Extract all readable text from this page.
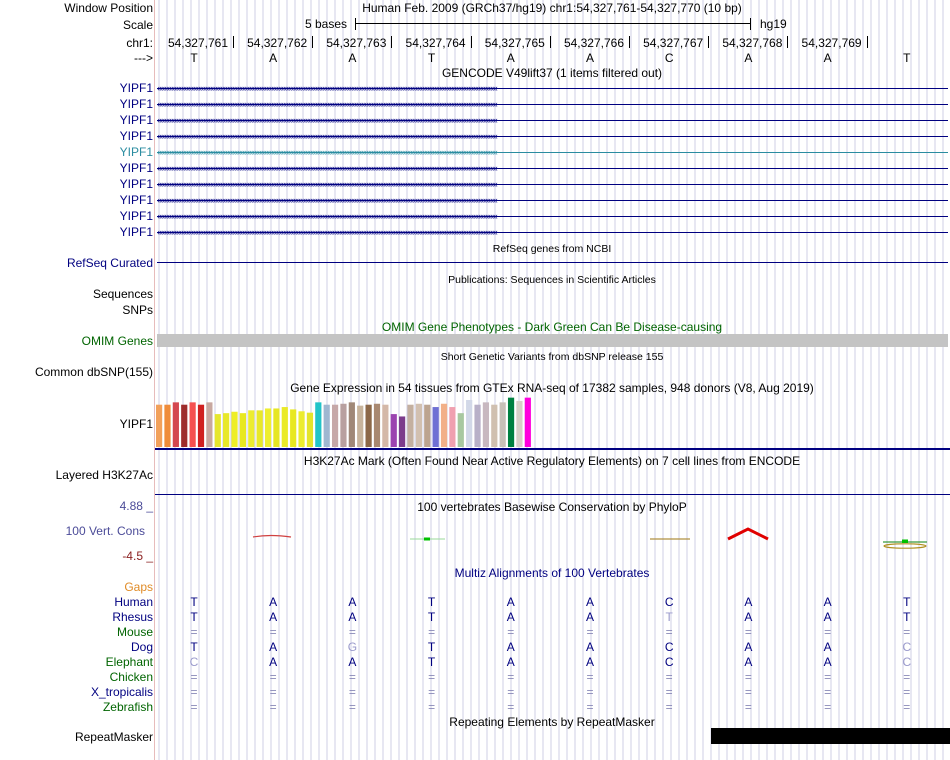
Window Position	Human Feb. 2009 (GRCh37/hg19) chr1:54,327,761-54,327,770 (10 bp)
Scale	5 bases	hg19
chr1: 54,327,761 54,327,762 54,327,763 54,327,764 54,327,765 54,327,766 54,327,767 54,327,768 54,327,769
--->	T	A	A	T	A	A	C	A	A	T
GENCODE V49lift37 (1 items filtered out)
YIPF1 ‹‹‹‹‹‹‹‹‹‹‹‹‹‹‹‹‹‹‹‹‹‹‹‹‹‹‹‹‹‹‹‹‹‹‹‹‹‹‹‹‹‹‹‹‹‹‹‹‹‹‹‹‹‹‹‹‹‹‹‹‹‹‹‹‹‹‹‹‹‹‹‹‹‹‹‹‹‹‹‹‹‹‹‹‹‹‹‹‹‹‹‹‹‹‹‹‹‹‹‹‹‹‹‹‹‹‹‹‹‹‹‹‹‹‹‹‹‹‹‹‹‹‹‹‹‹‹‹‹‹‹‹‹‹‹‹‹‹‹‹‹‹‹‹‹‹‹‹‹‹‹‹‹‹‹‹‹‹‹‹‹‹‹‹‹‹‹‹‹‹‹‹‹‹‹‹‹‹‹‹‹‹‹‹‹‹‹‹‹‹‹‹‹‹‹‹‹‹‹‹
YIPF1 ‹‹‹‹‹‹‹‹‹‹‹‹‹‹‹‹‹‹‹‹‹‹‹‹‹‹‹‹‹‹‹‹‹‹‹‹‹‹‹‹‹‹‹‹‹‹‹‹‹‹‹‹‹‹‹‹‹‹‹‹‹‹‹‹‹‹‹‹‹‹‹‹‹‹‹‹‹‹‹‹‹‹‹‹‹‹‹‹‹‹‹‹‹‹‹‹‹‹‹‹‹‹‹‹‹‹‹‹‹‹‹‹‹‹‹‹‹‹‹‹‹‹‹‹‹‹‹‹‹‹‹‹‹‹‹‹‹‹‹‹‹‹‹‹‹‹‹‹‹‹‹‹‹‹‹‹‹‹‹‹‹‹‹‹‹‹‹‹‹‹‹‹‹‹‹‹‹‹‹‹‹‹‹‹‹‹‹‹‹‹‹‹‹‹‹‹‹‹‹‹
YIPF1 ‹‹‹‹‹‹‹‹‹‹‹‹‹‹‹‹‹‹‹‹‹‹‹‹‹‹‹‹‹‹‹‹‹‹‹‹‹‹‹‹‹‹‹‹‹‹‹‹‹‹‹‹‹‹‹‹‹‹‹‹‹‹‹‹‹‹‹‹‹‹‹‹‹‹‹‹‹‹‹‹‹‹‹‹‹‹‹‹‹‹‹‹‹‹‹‹‹‹‹‹‹‹‹‹‹‹‹‹‹‹‹‹‹‹‹‹‹‹‹‹‹‹‹‹‹‹‹‹‹‹‹‹‹‹‹‹‹‹‹‹‹‹‹‹‹‹‹‹‹‹‹‹‹‹‹‹‹‹‹‹‹‹‹‹‹‹‹‹‹‹‹‹‹‹‹‹‹‹‹‹‹‹‹‹‹‹‹‹‹‹‹‹‹‹‹‹‹‹‹‹
YIPF1 ‹‹‹‹‹‹‹‹‹‹‹‹‹‹‹‹‹‹‹‹‹‹‹‹‹‹‹‹‹‹‹‹‹‹‹‹‹‹‹‹‹‹‹‹‹‹‹‹‹‹‹‹‹‹‹‹‹‹‹‹‹‹‹‹‹‹‹‹‹‹‹‹‹‹‹‹‹‹‹‹‹‹‹‹‹‹‹‹‹‹‹‹‹‹‹‹‹‹‹‹‹‹‹‹‹‹‹‹‹‹‹‹‹‹‹‹‹‹‹‹‹‹‹‹‹‹‹‹‹‹‹‹‹‹‹‹‹‹‹‹‹‹‹‹‹‹‹‹‹‹‹‹‹‹‹‹‹‹‹‹‹‹‹‹‹‹‹‹‹‹‹‹‹‹‹‹‹‹‹‹‹‹‹‹‹‹‹‹‹‹‹‹‹‹‹‹‹‹‹‹
YIPF1 ‹‹‹‹‹‹‹‹‹‹‹‹‹‹‹‹‹‹‹‹‹‹‹‹‹‹‹‹‹‹‹‹‹‹‹‹‹‹‹‹‹‹‹‹‹‹‹‹‹‹‹‹‹‹‹‹‹‹‹‹‹‹‹‹‹‹‹‹‹‹‹‹‹‹‹‹‹‹‹‹‹‹‹‹‹‹‹‹‹‹‹‹‹‹‹‹‹‹‹‹‹‹‹‹‹‹‹‹‹‹‹‹‹‹‹‹‹‹‹‹‹‹‹‹‹‹‹‹‹‹‹‹‹‹‹‹‹‹‹‹‹‹‹‹‹‹‹‹‹‹‹‹‹‹‹‹‹‹‹‹‹‹‹‹‹‹‹‹‹‹‹‹‹‹‹‹‹‹‹‹‹‹‹‹‹‹‹‹‹‹‹‹‹‹‹‹‹‹‹‹
YIPF1 ‹‹‹‹‹‹‹‹‹‹‹‹‹‹‹‹‹‹‹‹‹‹‹‹‹‹‹‹‹‹‹‹‹‹‹‹‹‹‹‹‹‹‹‹‹‹‹‹‹‹‹‹‹‹‹‹‹‹‹‹‹‹‹‹‹‹‹‹‹‹‹‹‹‹‹‹‹‹‹‹‹‹‹‹‹‹‹‹‹‹‹‹‹‹‹‹‹‹‹‹‹‹‹‹‹‹‹‹‹‹‹‹‹‹‹‹‹‹‹‹‹‹‹‹‹‹‹‹‹‹‹‹‹‹‹‹‹‹‹‹‹‹‹‹‹‹‹‹‹‹‹‹‹‹‹‹‹‹‹‹‹‹‹‹‹‹‹‹‹‹‹‹‹‹‹‹‹‹‹‹‹‹‹‹‹‹‹‹‹‹‹‹‹‹‹‹‹‹‹‹
YIPF1 ‹‹‹‹‹‹‹‹‹‹‹‹‹‹‹‹‹‹‹‹‹‹‹‹‹‹‹‹‹‹‹‹‹‹‹‹‹‹‹‹‹‹‹‹‹‹‹‹‹‹‹‹‹‹‹‹‹‹‹‹‹‹‹‹‹‹‹‹‹‹‹‹‹‹‹‹‹‹‹‹‹‹‹‹‹‹‹‹‹‹‹‹‹‹‹‹‹‹‹‹‹‹‹‹‹‹‹‹‹‹‹‹‹‹‹‹‹‹‹‹‹‹‹‹‹‹‹‹‹‹‹‹‹‹‹‹‹‹‹‹‹‹‹‹‹‹‹‹‹‹‹‹‹‹‹‹‹‹‹‹‹‹‹‹‹‹‹‹‹‹‹‹‹‹‹‹‹‹‹‹‹‹‹‹‹‹‹‹‹‹‹‹‹‹‹‹‹‹‹‹
YIPF1 ‹‹‹‹‹‹‹‹‹‹‹‹‹‹‹‹‹‹‹‹‹‹‹‹‹‹‹‹‹‹‹‹‹‹‹‹‹‹‹‹‹‹‹‹‹‹‹‹‹‹‹‹‹‹‹‹‹‹‹‹‹‹‹‹‹‹‹‹‹‹‹‹‹‹‹‹‹‹‹‹‹‹‹‹‹‹‹‹‹‹‹‹‹‹‹‹‹‹‹‹‹‹‹‹‹‹‹‹‹‹‹‹‹‹‹‹‹‹‹‹‹‹‹‹‹‹‹‹‹‹‹‹‹‹‹‹‹‹‹‹‹‹‹‹‹‹‹‹‹‹‹‹‹‹‹‹‹‹‹‹‹‹‹‹‹‹‹‹‹‹‹‹‹‹‹‹‹‹‹‹‹‹‹‹‹‹‹‹‹‹‹‹‹‹‹‹‹‹‹‹
YIPF1 ‹‹‹‹‹‹‹‹‹‹‹‹‹‹‹‹‹‹‹‹‹‹‹‹‹‹‹‹‹‹‹‹‹‹‹‹‹‹‹‹‹‹‹‹‹‹‹‹‹‹‹‹‹‹‹‹‹‹‹‹‹‹‹‹‹‹‹‹‹‹‹‹‹‹‹‹‹‹‹‹‹‹‹‹‹‹‹‹‹‹‹‹‹‹‹‹‹‹‹‹‹‹‹‹‹‹‹‹‹‹‹‹‹‹‹‹‹‹‹‹‹‹‹‹‹‹‹‹‹‹‹‹‹‹‹‹‹‹‹‹‹‹‹‹‹‹‹‹‹‹‹‹‹‹‹‹‹‹‹‹‹‹‹‹‹‹‹‹‹‹‹‹‹‹‹‹‹‹‹‹‹‹‹‹‹‹‹‹‹‹‹‹‹‹‹‹‹‹‹‹
YIPF1 ‹‹‹‹‹‹‹‹‹‹‹‹‹‹‹‹‹‹‹‹‹‹‹‹‹‹‹‹‹‹‹‹‹‹‹‹‹‹‹‹‹‹‹‹‹‹‹‹‹‹‹‹‹‹‹‹‹‹‹‹‹‹‹‹‹‹‹‹‹‹‹‹‹‹‹‹‹‹‹‹‹‹‹‹‹‹‹‹‹‹‹‹‹‹‹‹‹‹‹‹‹‹‹‹‹‹‹‹‹‹‹‹‹‹‹‹‹‹‹‹‹‹‹‹‹‹‹‹‹‹‹‹‹‹‹‹‹‹‹‹‹‹‹‹‹‹‹‹‹‹‹‹‹‹‹‹‹‹‹‹‹‹‹‹‹‹‹‹‹‹‹‹‹‹‹‹‹‹‹‹‹‹‹‹‹‹‹‹‹‹‹‹‹‹‹‹‹‹‹‹
RefSeq genes from NCBI
RefSeq Curated
Publications: Sequences in Scientific Articles
Sequences
SNPs
OMIM Gene Phenotypes - Dark Green Can Be Disease-causing
OMIM Genes
Short Genetic Variants from dbSNP release 155
Common dbSNP(155)
Gene Expression in 54 tissues from GTEx RNA-seq of 17382 samples, 948 donors (V8, Aug 2019)
YIPF1
H3K27Ac Mark (Often Found Near Active Regulatory Elements) on 7 cell lines from ENCODE
Layered H3K27Ac
100 vertebrates Basewise Conservation by PhyloP
4.88 _
100 Vert. Cons
-4.5 _
Multiz Alignments of 100 Vertebrates
Gaps
Human	T	A	A	T	A	A	C	A	A	T
Rhesus	T	A	A	T	A	A	T	A	A	T
Mouse	=	=	=	=	=	=	=	=	=	=
Dog	T	A	G	T	A	A	C	A	A	C
Elephant	C	A	A	T	A	A	C	A	A	C
Chicken	=	=	=	=	=	=	=	=	=	=
X_tropicalis	=	=	=	=	=	=	=	=	=	=
Zebrafish	=	=	=	=	=	=	=	=	=	=
Repeating Elements by RepeatMasker
RepeatMasker
